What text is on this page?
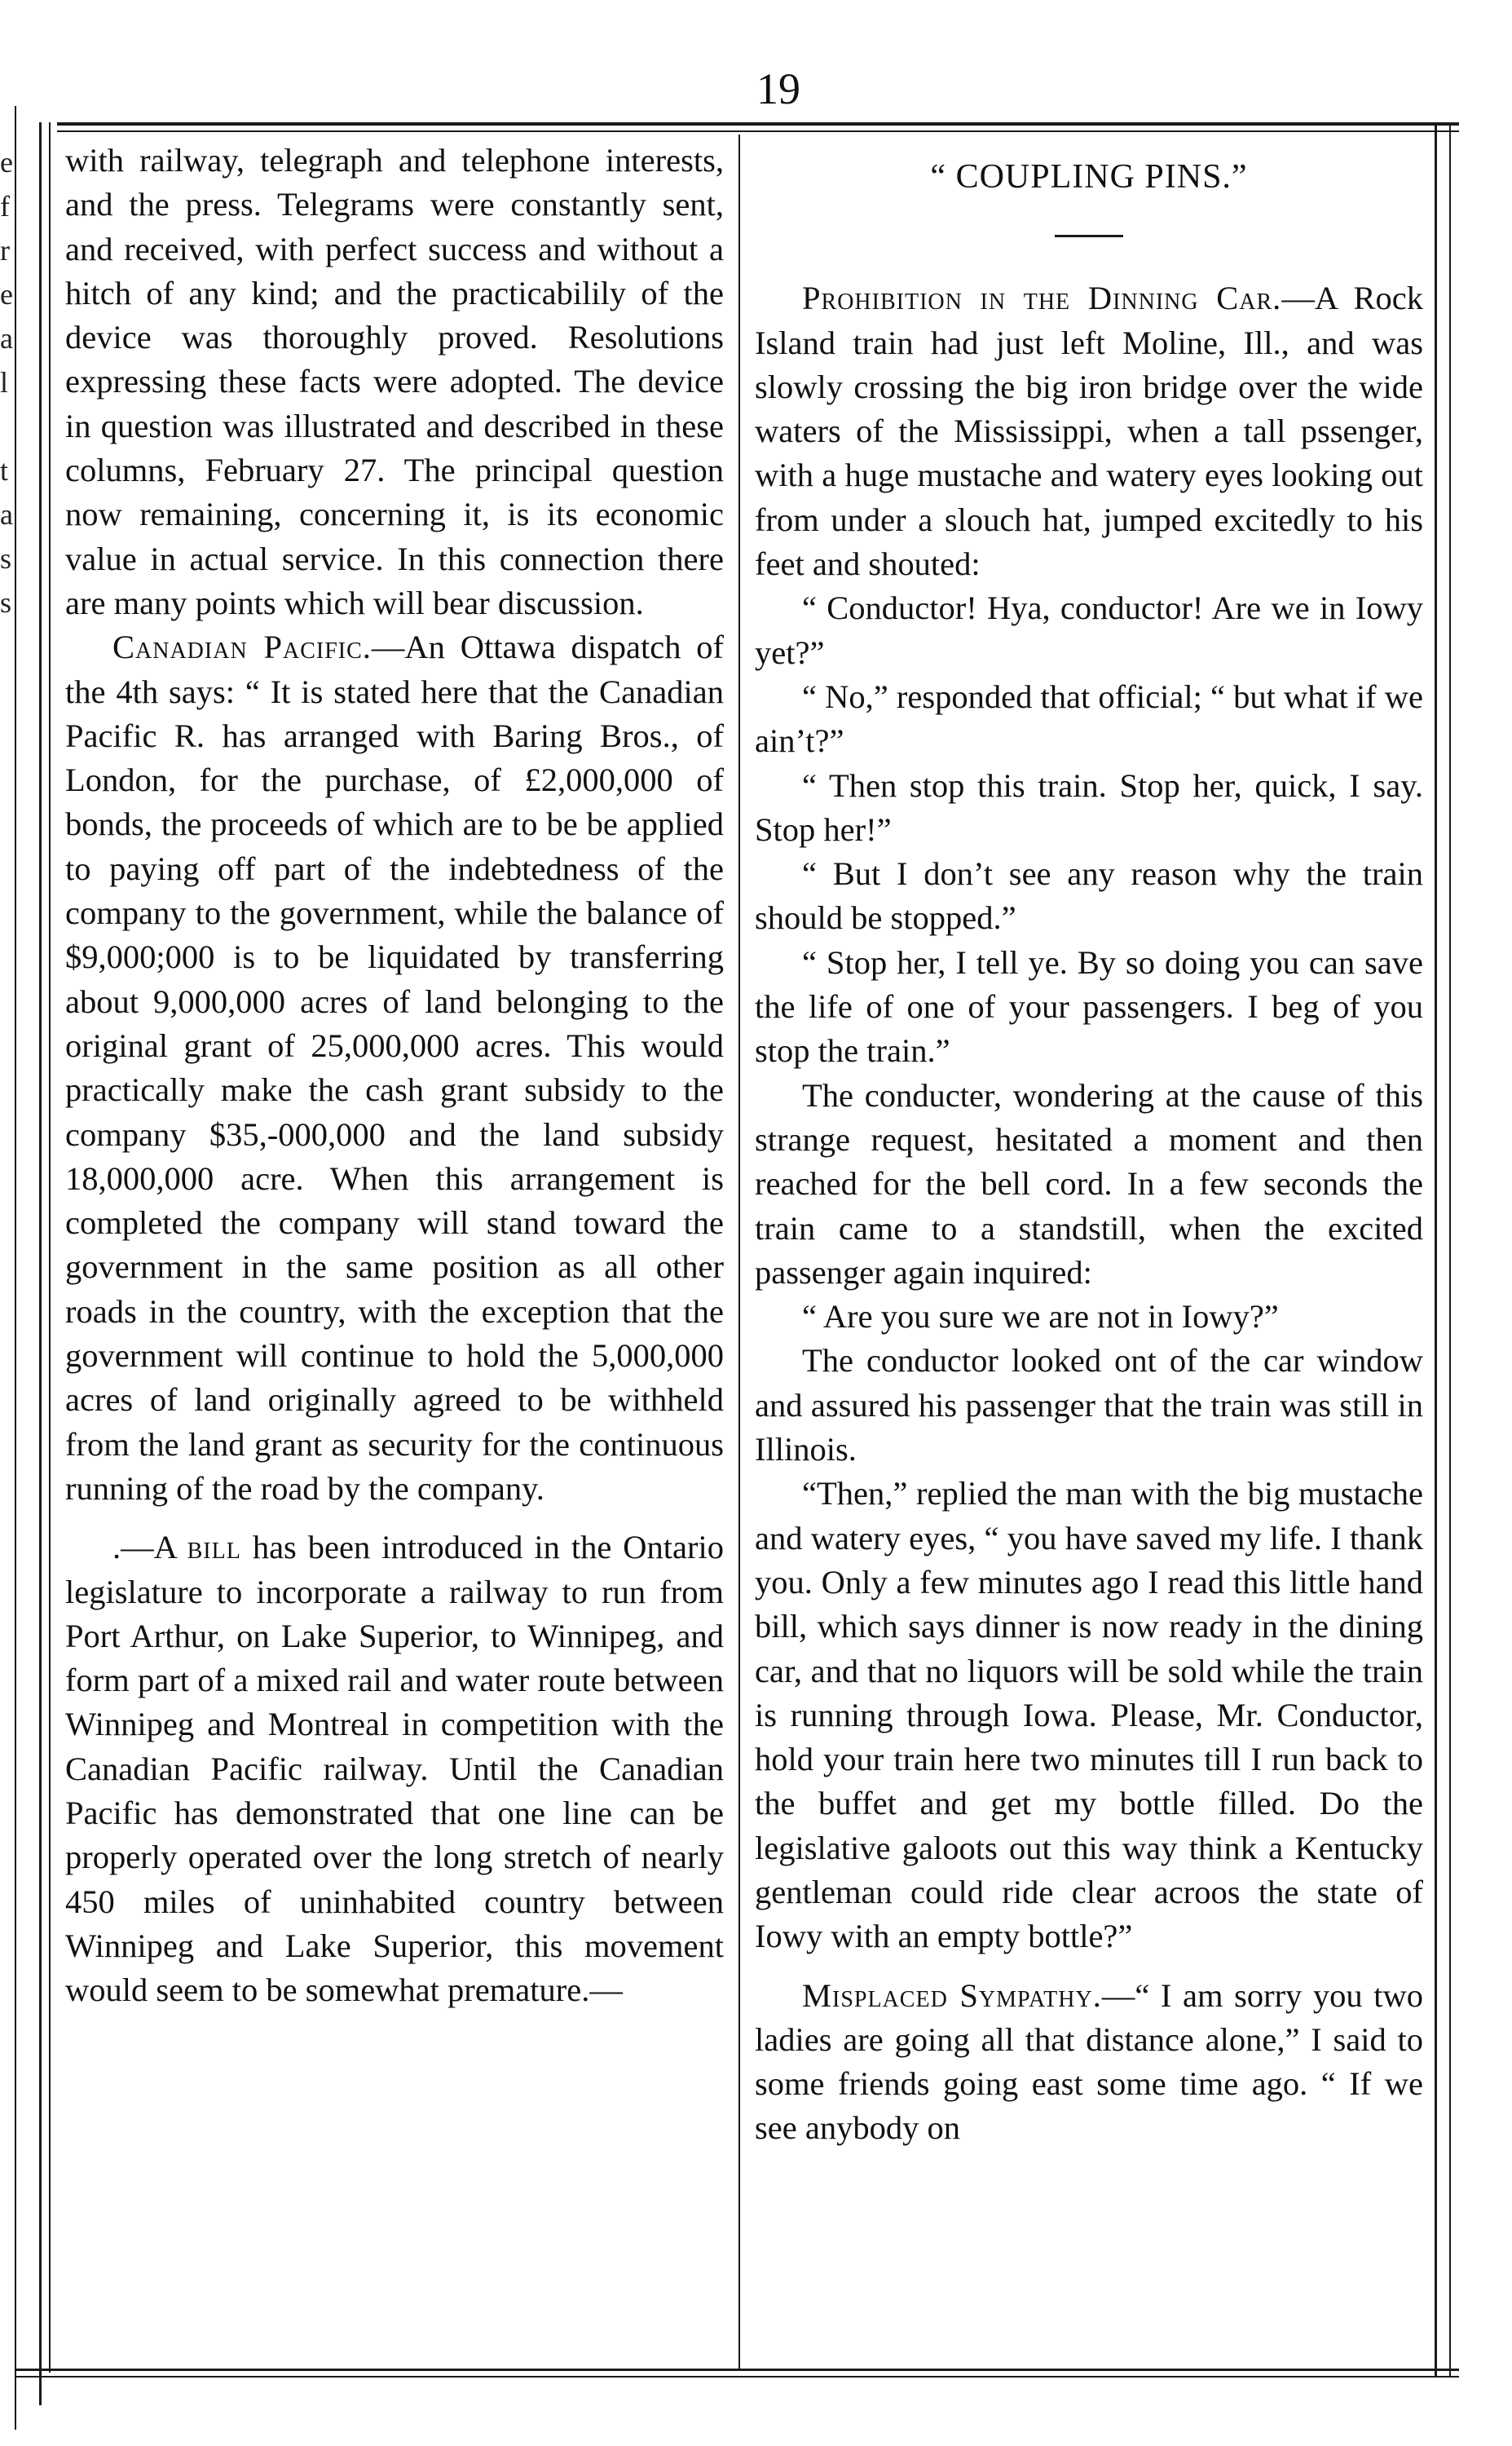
19
e
f
r
e
a
l
t
a
s
s

with railway, telegraph and telephone interests, and the press. Telegrams were constantly sent, and received, with perfect success and without a hitch of any kind; and the practicabilily of the device was thoroughly proved. Resolutions expressing these facts were adopted. The device in question was illustrated and described in these columns, February 27. The principal question now remaining, concerning it, is its economic value in actual service. In this connection there are many points which will bear discussion.

Canadian Pacific.—An Ottawa dispatch of the 4th says: “ It is stated here that the Canadian Pacific R. has arranged with Baring Bros., of London, for the purchase, of £2,000,000 of bonds, the proceeds of which are to be be applied to paying off part of the indebtedness of the company to the government, while the balance of $9,000;000 is to be liquidated by transferring about 9,000,000 acres of land belonging to the original grant of 25,000,000 acres. This would practically make the cash grant subsidy to the company $35,-000,000 and the land subsidy 18,000,000 acre. When this arrangement is completed the company will stand toward the government in the same position as all other roads in the country, with the exception that the government will continue to hold the 5,000,000 acres of land originally agreed to be withheld from the land grant as security for the continuous running of the road by the company.

.—A bill has been introduced in the Ontario legislature to incorporate a railway to run from Port Arthur, on Lake Superior, to Winnipeg, and form part of a mixed rail and water route between Winnipeg and Montreal in competition with the Canadian Pacific railway. Until the Canadian Pacific has demonstrated that one line can be properly operated over the long stretch of nearly 450 miles of uninhabited country between Winnipeg and Lake Superior, this movement would seem to be somewhat premature.—

“ COUPLING PINS.”

Prohibition in the Dinning Car.—A Rock Island train had just left Moline, Ill., and was slowly crossing the big iron bridge over the wide waters of the Mississippi, when a tall pssenger, with a huge mustache and watery eyes looking out from under a slouch hat, jumped excitedly to his feet and shouted:

“ Conductor! Hya, conductor! Are we in Iowy yet?”

“ No,” responded that official; “ but what if we ain’t?”

“ Then stop this train. Stop her, quick, I say. Stop her!”

“ But I don’t see any reason why the train should be stopped.”

“ Stop her, I tell ye. By so doing you can save the life of one of your passengers. I beg of you stop the train.”

The conducter, wondering at the cause of this strange request, hesitated a moment and then reached for the bell cord. In a few seconds the train came to a standstill, when the excited passenger again inquired:

“ Are you sure we are not in Iowy?”

The conductor looked ont of the car window and assured his passenger that the train was still in Illinois.

“Then,” replied the man with the big mustache and watery eyes, “ you have saved my life. I thank you. Only a few minutes ago I read this little hand bill, which says dinner is now ready in the dining car, and that no liquors will be sold while the train is running through Iowa. Please, Mr. Conductor, hold your train here two minutes till I run back to the buffet and get my bottle filled. Do the legislative galoots out this way think a Kentucky gentleman could ride clear acroos the state of Iowy with an empty bottle?”

Misplaced Sympathy.—“ I am sorry you two ladies are going all that distance alone,” I said to some friends going east some time ago. “ If we see anybody on
